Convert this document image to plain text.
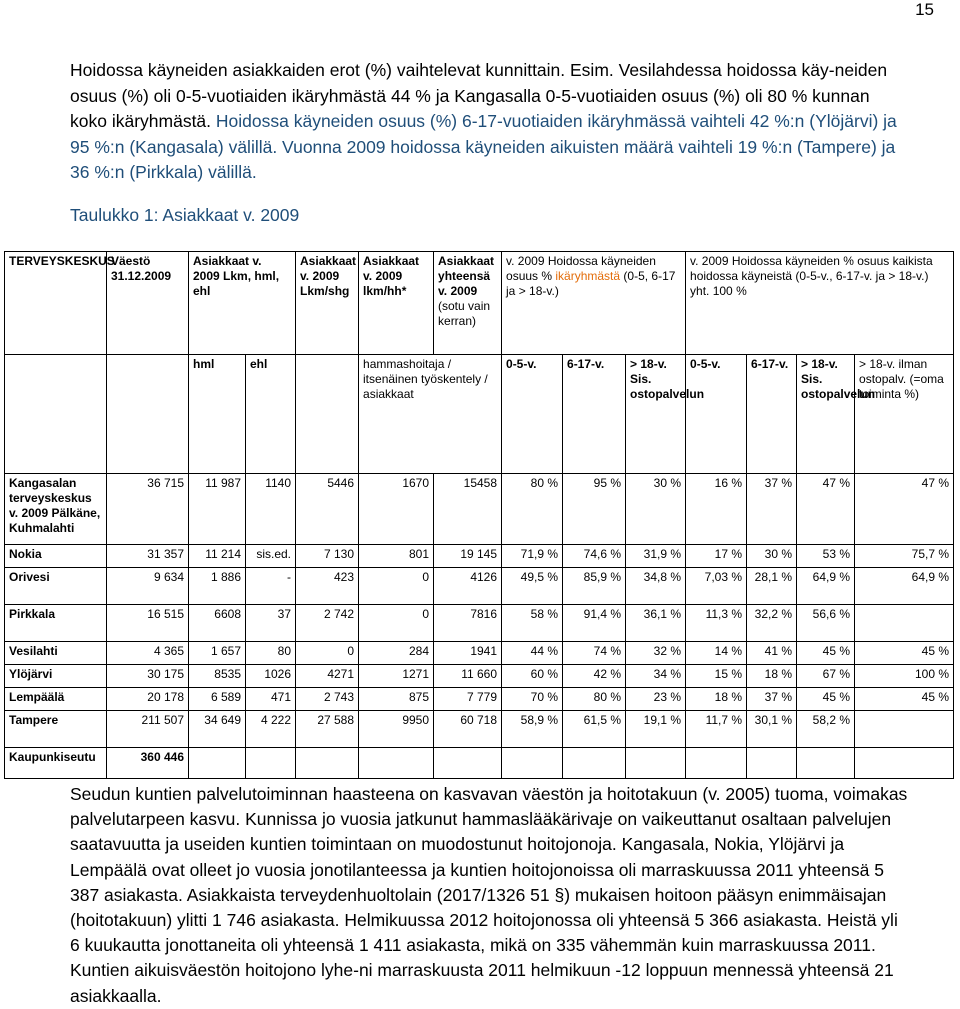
15
Hoidossa käyneiden asiakkaiden erot (%) vaihtelevat kunnittain. Esim. Vesilahdessa hoidossa käy-neiden osuus (%) oli 0-5-vuotiaiden ikäryhmästä 44 % ja Kangasalla 0-5-vuotiaiden osuus (%) oli 80 % kunnan koko ikäryhmästä. Hoidossa käyneiden osuus (%) 6-17-vuotiaiden ikäryhmässä vaihteli 42 %:n (Ylöjärvi) ja 95 %:n (Kangasala) välillä. Vuonna 2009 hoidossa käyneiden aikuisten määrä vaihteli 19 %:n (Tampere) ja 36 %:n (Pirkkala) välillä.
Taulukko 1: Asiakkaat v. 2009
TERVEYSKESKUS	Väestö 31.12.2009	Asiakkaat v. 2009 Lkm, hml, ehl		Asiakkaat v. 2009 Lkm/shg	Asiakkaat v. 2009 lkm/hh*	Asiakkaat yhteensä v. 2009
(sotu vain kerran)	v. 2009 Hoidossa käyneiden osuus % ikäryhmästä (0-5, 6-17 ja > 18-v.)			v. 2009 Hoidossa käyneiden % osuus kaikista hoidossa käyneistä (0-5-v., 6-17-v. ja > 18-v.) yht. 100 %			
		hml	ehl		hammashoitaja / itsenäinen työskentely / asiakkaat		0-5-v.	6-17-v.	> 18-v. Sis. ostopalvelun	0-5-v.	6-17-v.	> 18-v. Sis. ostopalvelun	> 18-v. ilman ostopalv. (=oma toiminta %)
Kangasalan terveyskeskus v. 2009 Pälkäne, Kuhmalahti	36 715	11 987	1140	5446	1670	15458	80 %	95 %	30 %	16 %	37 %	47 %	47 %
Nokia	31 357	11 214	sis.ed.	7 130	801	19 145	71,9 %	74,6 %	31,9 %	17 %	30 %	53 %	75,7 %
Orivesi	9 634	1 886	-	423	0	4126	49,5 %	85,9 %	34,8 %	7,03 %	28,1 %	64,9 %	64,9 %
Pirkkala	16 515	6608	37	2 742	0	7816	58 %	91,4 %	36,1 %	11,3 %	32,2 %	56,6 %	
Vesilahti	4 365	1 657	80	0	284	1941	44 %	74 %	32 %	14 %	41 %	45 %	45 %
Ylöjärvi	30 175	8535	1026	4271	1271	11 660	60 %	42 %	34 %	15 %	18 %	67 %	100 %
Lempäälä	20 178	6 589	471	2 743	875	7 779	70 %	80 %	23 %	18 %	37 %	45 %	45 %
Tampere	211 507	34 649	4 222	27 588	9950	60 718	58,9 %	61,5 %	19,1 %	11,7 %	30,1 %	58,2 %	
Kaupunkiseutu	360 446												
Seudun kuntien palvelutoiminnan haasteena on kasvavan väestön ja hoitotakuun (v. 2005) tuoma, voimakas palvelutarpeen kasvu. Kunnissa jo vuosia jatkunut hammaslääkärivaje on vaikeuttanut osaltaan palvelujen saatavuutta ja useiden kuntien toimintaan on muodostunut hoitojonoja. Kangasala, Nokia, Ylöjärvi ja Lempäälä ovat olleet jo vuosia jonotilanteessa ja kuntien hoitojonoissa oli marraskuussa 2011 yhteensä 5 387 asiakasta. Asiakkaista terveydenhuoltolain (2017/1326 51 §) mukaisen hoitoon pääsyn enimmäisajan (hoitotakuun) ylitti 1 746 asiakasta. Helmikuussa 2012 hoitojonossa oli yhteensä 5 366 asiakasta. Heistä yli 6 kuukautta jonottaneita oli yhteensä 1 411 asiakasta, mikä on 335 vähemmän kuin marraskuussa 2011. Kuntien aikuisväestön hoitojono lyhe-ni marraskuusta 2011 helmikuun -12 loppuun mennessä yhteensä 21 asiakkaalla.
